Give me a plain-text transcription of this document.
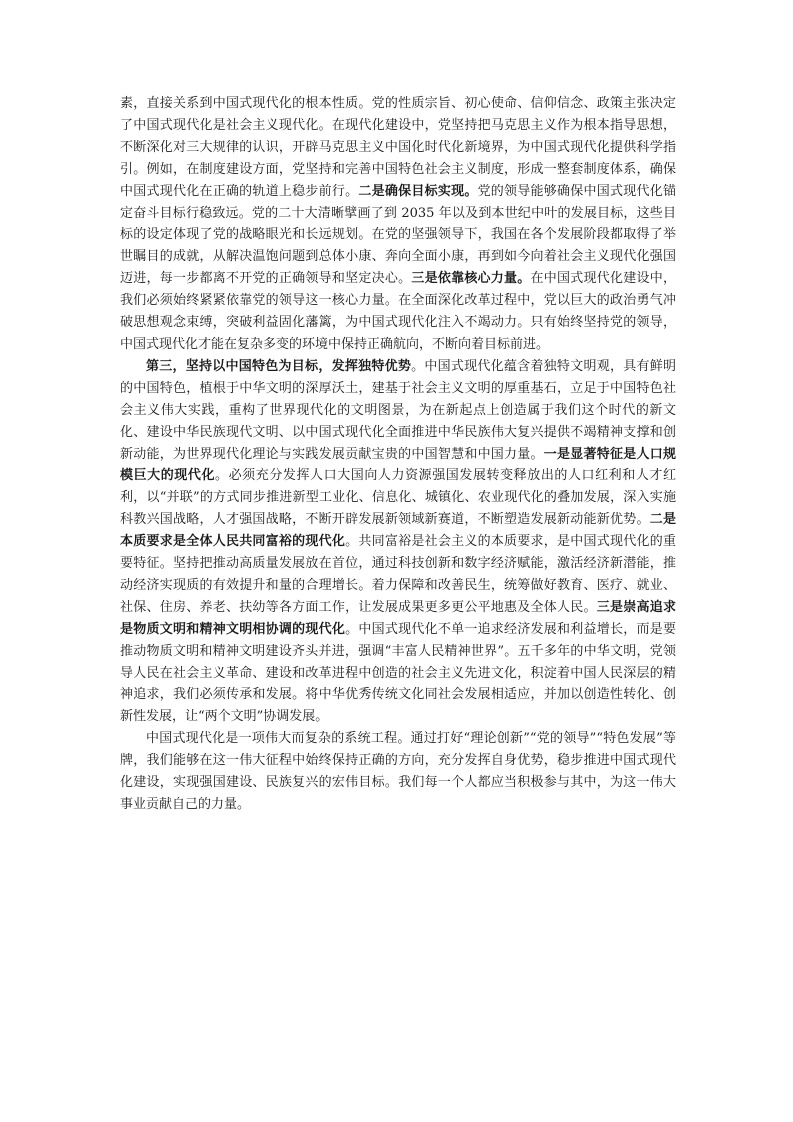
素，直接关系到中国式现代化的根本性质。党的性质宗旨、初心使命、信仰信念、政策主张决定了中国式现代化是社会主义现代化。在现代化建设中，党坚持把马克思主义作为根本指导思想，不断深化对三大规律的认识，开辟马克思主义中国化时代化新境界，为中国式现代化提供科学指引。例如，在制度建设方面，党坚持和完善中国特色社会主义制度，形成一整套制度体系，确保中国式现代化在正确的轨道上稳步前行。二是确保目标实现。党的领导能够确保中国式现代化锚定奋斗目标行稳致远。党的二十大清晰擘画了到 2035 年以及到本世纪中叶的发展目标，这些目标的设定体现了党的战略眼光和长远规划。在党的坚强领导下，我国在各个发展阶段都取得了举世瞩目的成就，从解决温饱问题到总体小康、奔向全面小康，再到如今向着社会主义现代化强国迈进，每一步都离不开党的正确领导和坚定决心。三是依靠核心力量。在中国式现代化建设中，我们必须始终紧紧依靠党的领导这一核心力量。在全面深化改革过程中，党以巨大的政治勇气冲破思想观念束缚，突破利益固化藩篱，为中国式现代化注入不竭动力。只有始终坚持党的领导，中国式现代化才能在复杂多变的环境中保持正确航向，不断向着目标前进。

第三，坚持以中国特色为目标，发挥独特优势。中国式现代化蕴含着独特文明观，具有鲜明的中国特色，植根于中华文明的深厚沃土，建基于社会主义文明的厚重基石，立足于中国特色社会主义伟大实践，重构了世界现代化的文明图景，为在新起点上创造属于我们这个时代的新文化、建设中华民族现代文明、以中国式现代化全面推进中华民族伟大复兴提供不竭精神支撑和创新动能，为世界现代化理论与实践发展贡献宝贵的中国智慧和中国力量。一是显著特征是人口规模巨大的现代化。必须充分发挥人口大国向人力资源强国发展转变释放出的人口红利和人才红利，以“并联”的方式同步推进新型工业化、信息化、城镇化、农业现代化的叠加发展，深入实施科教兴国战略，人才强国战略，不断开辟发展新领域新赛道，不断塑造发展新动能新优势。二是本质要求是全体人民共同富裕的现代化。共同富裕是社会主义的本质要求，是中国式现代化的重要特征。坚持把推动高质量发展放在首位，通过科技创新和数字经济赋能，激活经济新潜能，推动经济实现质的有效提升和量的合理增长。着力保障和改善民生，统筹做好教育、医疗、就业、社保、住房、养老、扶幼等各方面工作，让发展成果更多更公平地惠及全体人民。三是崇高追求是物质文明和精神文明相协调的现代化。中国式现代化不单一追求经济发展和利益增长，而是要推动物质文明和精神文明建设齐头并进，强调“丰富人民精神世界”。五千多年的中华文明，党领导人民在社会主义革命、建设和改革进程中创造的社会主义先进文化，积淀着中国人民深层的精神追求，我们必须传承和发展。将中华优秀传统文化同社会发展相适应，并加以创造性转化、创新性发展，让“两个文明”协调发展。

中国式现代化是一项伟大而复杂的系统工程。通过打好“理论创新”“党的领导”“特色发展”等牌，我们能够在这一伟大征程中始终保持正确的方向，充分发挥自身优势，稳步推进中国式现代化建设，实现强国建设、民族复兴的宏伟目标。我们每一个人都应当积极参与其中，为这一伟大事业贡献自己的力量。
